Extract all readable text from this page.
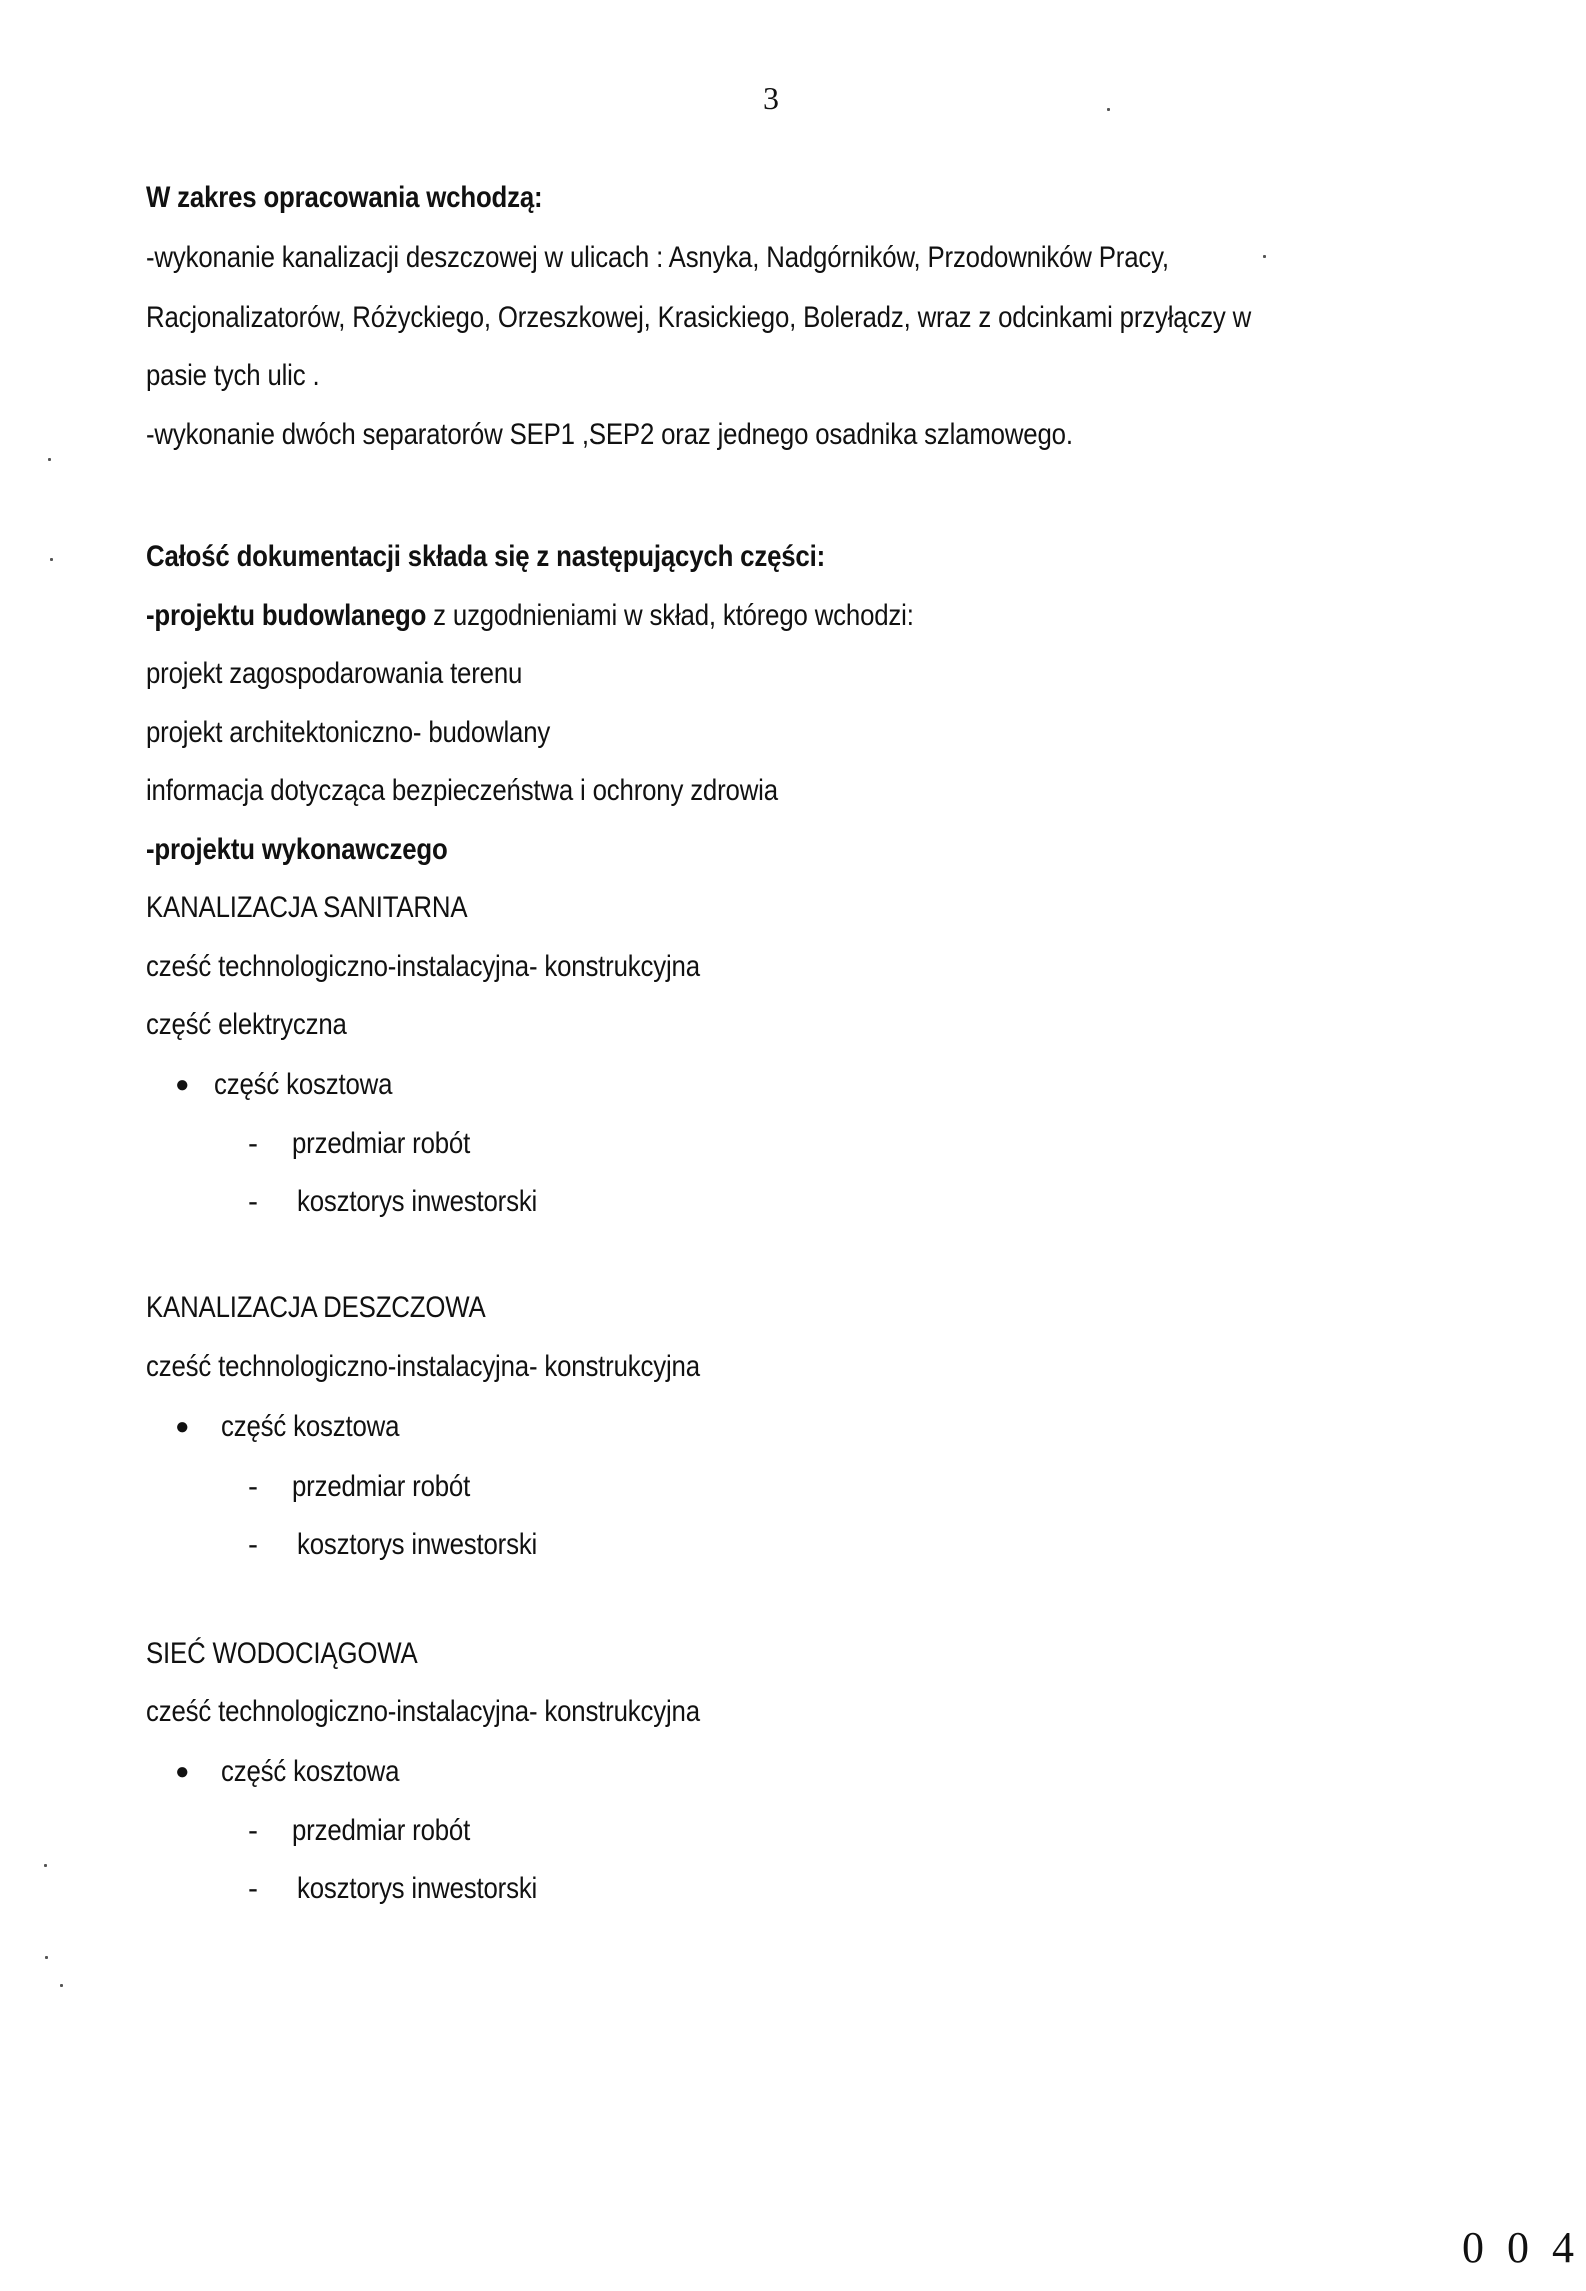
3
W zakres opracowania wchodzą:
-wykonanie kanalizacji deszczowej w ulicach : Asnyka, Nadgórników, Przodowników Pracy,
Racjonalizatorów, Różyckiego, Orzeszkowej, Krasickiego, Boleradz, wraz z odcinkami przyłączy w
pasie tych ulic .
-wykonanie dwóch separatorów SEP1 ,SEP2 oraz jednego osadnika szlamowego.
Całość dokumentacji składa się z następujących części:
-projektu budowlanego z uzgodnieniami w skład, którego wchodzi:
projekt zagospodarowania terenu
projekt architektoniczno- budowlany
informacja dotycząca bezpieczeństwa i ochrony zdrowia
-projektu wykonawczego
KANALIZACJA SANITARNA
cześć technologiczno-instalacyjna- konstrukcyjna
część elektryczna
● część kosztowa
- przedmiar robót
- kosztorys inwestorski
KANALIZACJA DESZCZOWA
cześć technologiczno-instalacyjna- konstrukcyjna
● część kosztowa
- przedmiar robót
- kosztorys inwestorski
SIEĆ WODOCIĄGOWA
cześć technologiczno-instalacyjna- konstrukcyjna
● część kosztowa
- przedmiar robót
- kosztorys inwestorski
0 0 4
